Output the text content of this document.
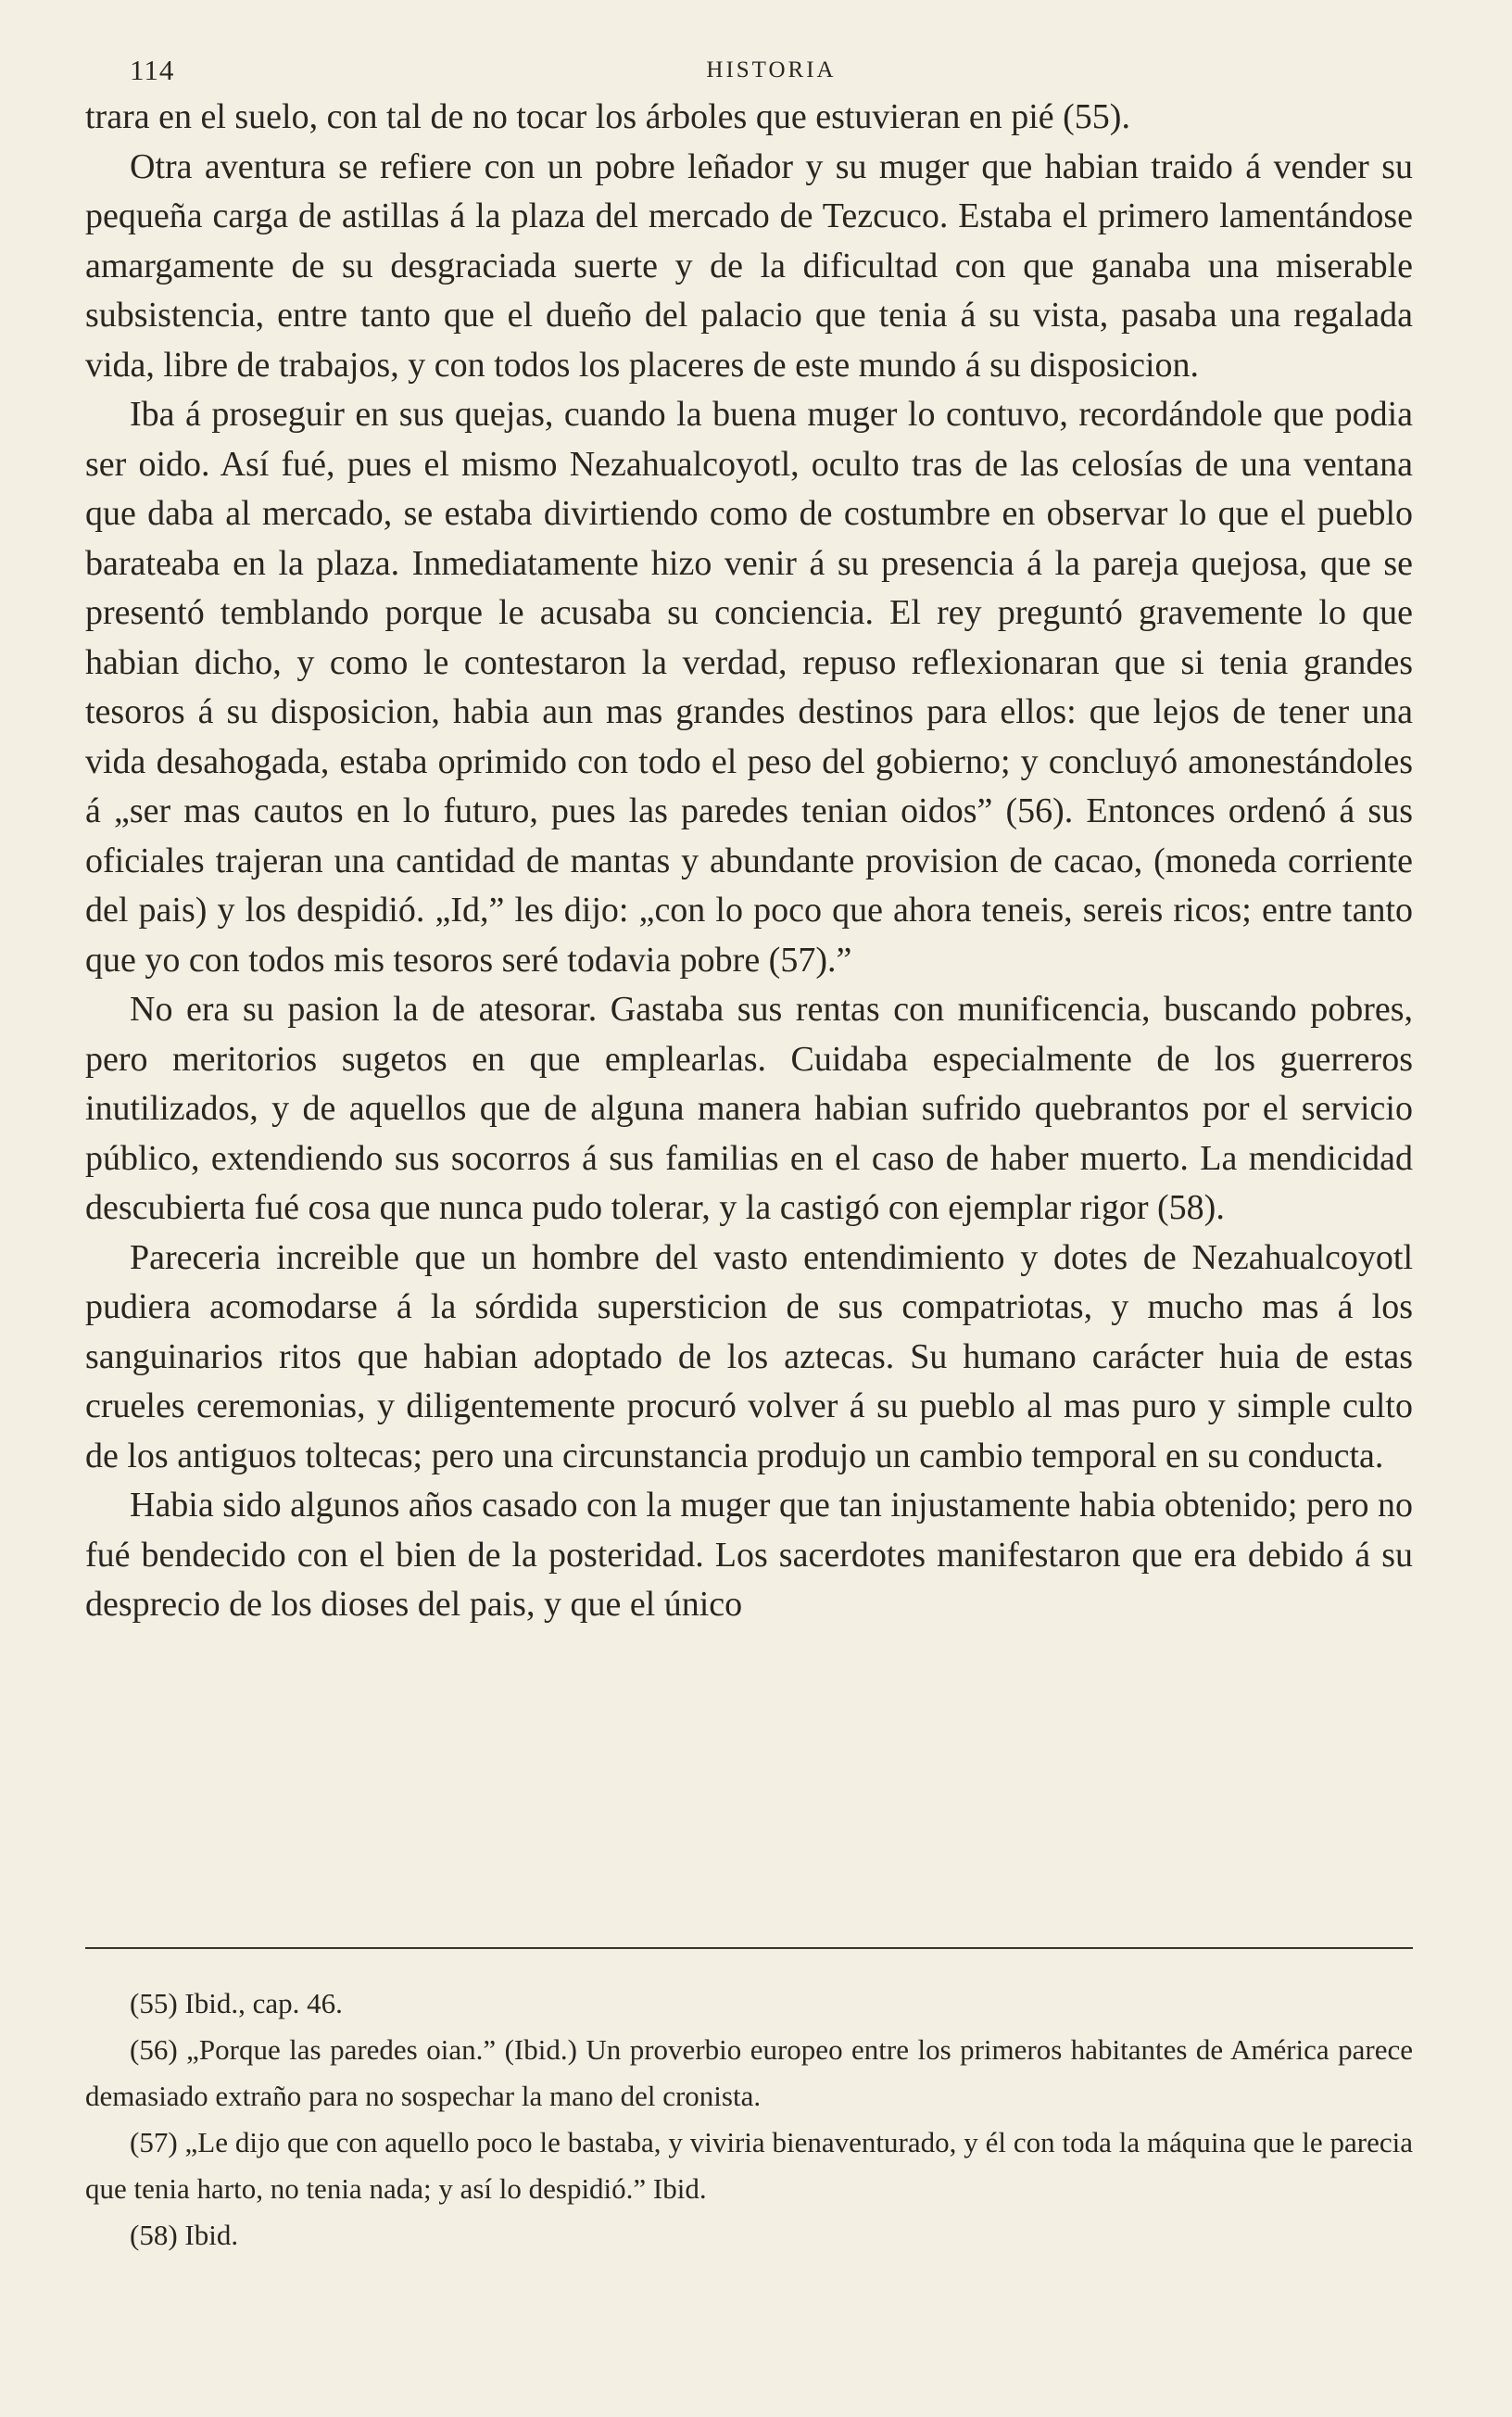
114	HISTORIA

trara en el suelo, con tal de no tocar los árboles que estuvieran en pié (55).

Otra aventura se refiere con un pobre leñador y su muger que habian traido á vender su pequeña carga de astillas á la plaza del mercado de Tezcuco. Estaba el primero lamentándose amargamente de su desgraciada suerte y de la dificultad con que ganaba una miserable subsistencia, entre tanto que el dueño del palacio que tenia á su vista, pasaba una regalada vida, libre de trabajos, y con todos los placeres de este mundo á su disposicion.

Iba á proseguir en sus quejas, cuando la buena muger lo contuvo, recordándole que podia ser oido. Así fué, pues el mismo Nezahualcoyotl, oculto tras de las celosías de una ventana que daba al mercado, se estaba divirtiendo como de costumbre en observar lo que el pueblo barateaba en la plaza. Inmediatamente hizo venir á su presencia á la pareja quejosa, que se presentó temblando porque le acusaba su conciencia. El rey preguntó gravemente lo que habian dicho, y como le contestaron la verdad, repuso reflexionaran que si tenia grandes tesoros á su disposicion, habia aun mas grandes destinos para ellos: que lejos de tener una vida desahogada, estaba oprimido con todo el peso del gobierno; y concluyó amonestándoles á „ser mas cautos en lo futuro, pues las paredes tenian oidos” (56). Entonces ordenó á sus oficiales trajeran una cantidad de mantas y abundante provision de cacao, (moneda corriente del pais) y los despidió. „Id,” les dijo: „con lo poco que ahora teneis, sereis ricos; entre tanto que yo con todos mis tesoros seré todavia pobre (57).”

No era su pasion la de atesorar. Gastaba sus rentas con munificencia, buscando pobres, pero meritorios sugetos en que emplearlas. Cuidaba especialmente de los guerreros inutilizados, y de aquellos que de alguna manera habian sufrido quebrantos por el servicio público, extendiendo sus socorros á sus familias en el caso de haber muerto. La mendicidad descubierta fué cosa que nunca pudo tolerar, y la castigó con ejemplar rigor (58).

Pareceria increible que un hombre del vasto entendimiento y dotes de Nezahualcoyotl pudiera acomodarse á la sórdida supersticion de sus compatriotas, y mucho mas á los sanguinarios ritos que habian adoptado de los aztecas. Su humano carácter huia de estas crueles ceremonias, y diligentemente procuró volver á su pueblo al mas puro y simple culto de los antiguos toltecas; pero una circunstancia produjo un cambio temporal en su conducta.

Habia sido algunos años casado con la muger que tan injustamente habia obtenido; pero no fué bendecido con el bien de la posteridad. Los sacerdotes manifestaron que era debido á su desprecio de los dioses del pais, y que el único

(55) Ibid., cap. 46.

(56) „Porque las paredes oian.” (Ibid.) Un proverbio europeo entre los primeros habitantes de América parece demasiado extraño para no sospechar la mano del cronista.

(57) „Le dijo que con aquello poco le bastaba, y viviria bienaventurado, y él con toda la máquina que le parecia que tenia harto, no tenia nada; y así lo despidió.” Ibid.

(58) Ibid.
